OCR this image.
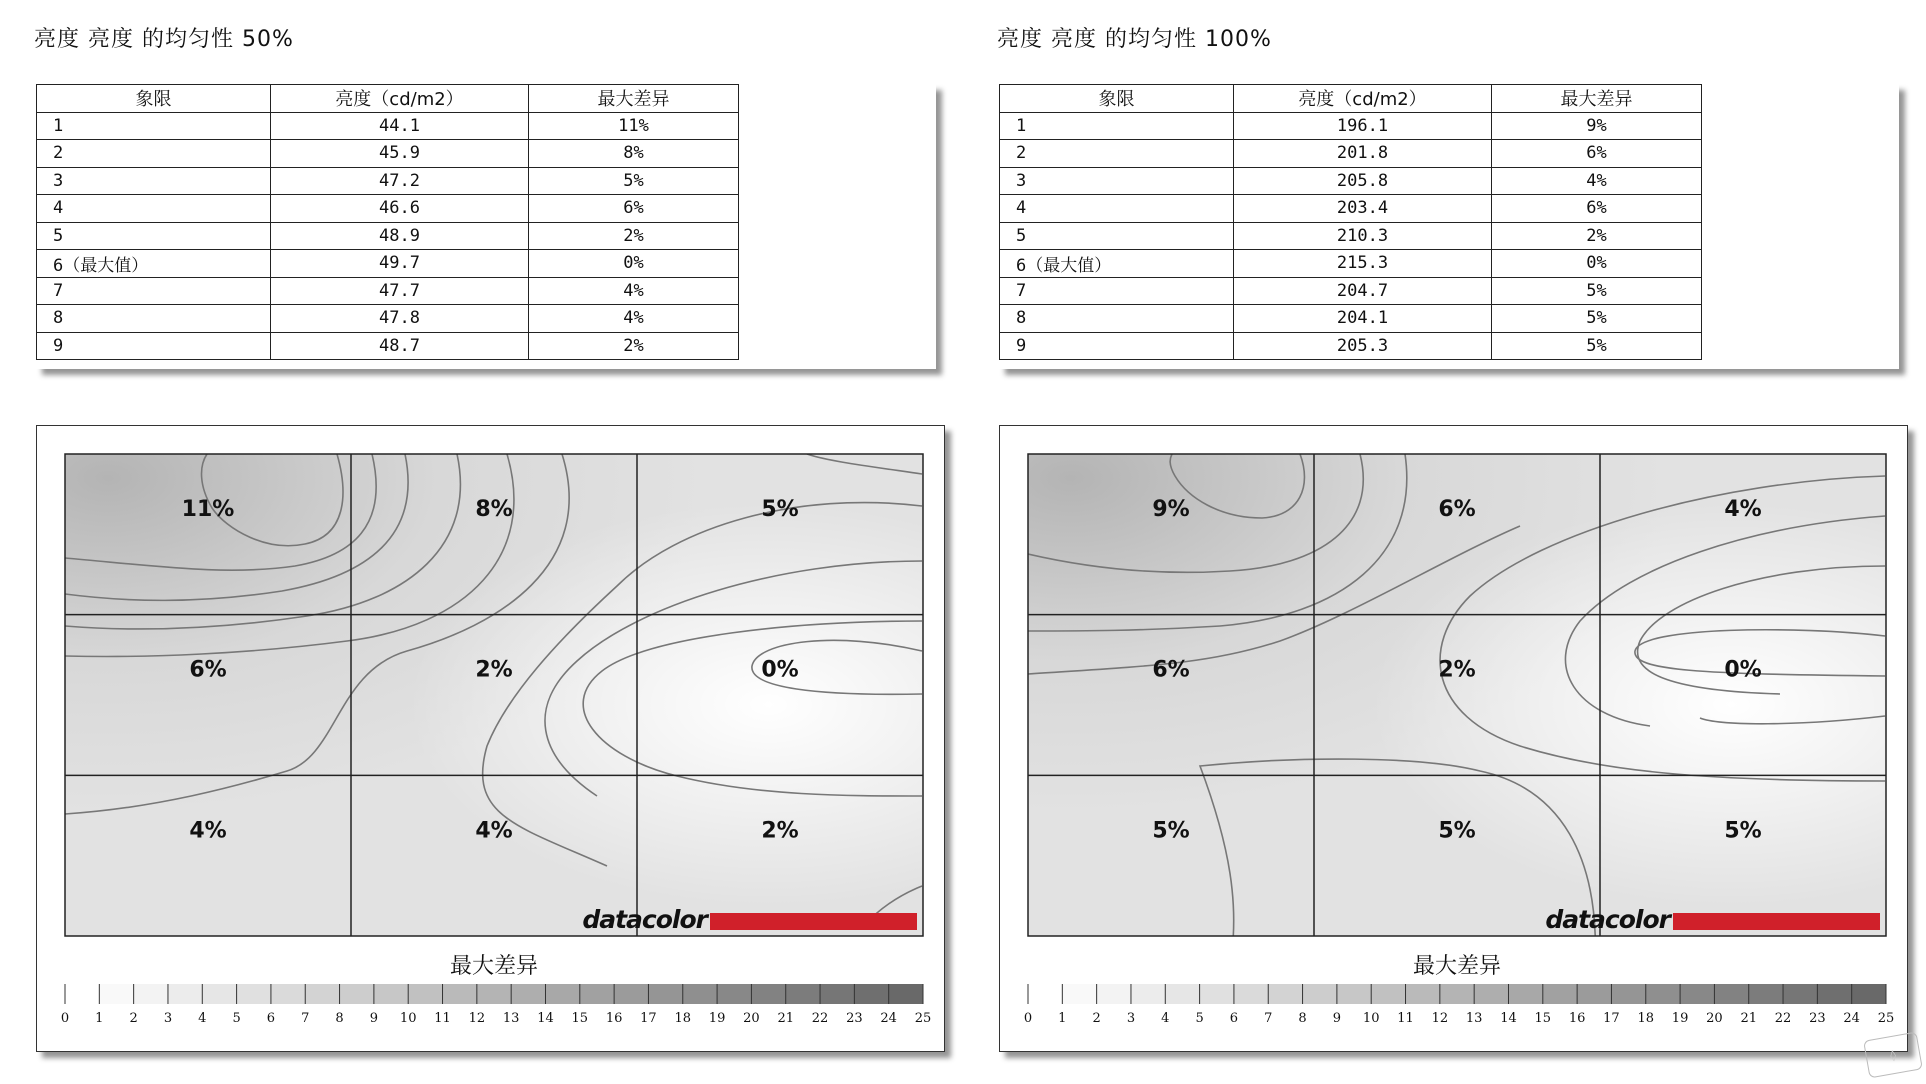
亮度 亮度 的均匀性 50%
象限	亮度（cd/m2）	最大差异
1	44.1	11%
2	45.9	8%
3	47.2	5%
4	46.6	6%
5	48.9	2%
6（最大值）	49.7	0%
7	47.7	4%
8	47.8	4%
9	48.7	2%
11%	8%	5%
6%	2%	0%
4%	4%	2%
datacolor
最大差异
0 1 2 3 4 5 6 7 8 9 10 11 12 13 14 15 16 17 18 19 20 21 22 23 24 25
亮度 亮度 的均匀性 100%
象限	亮度（cd/m2）	最大差异
1	196.1	9%
2	201.8	6%
3	205.8	4%
4	203.4	6%
5	210.3	2%
6（最大值）	215.3	0%
7	204.7	5%
8	204.1	5%
9	205.3	5%
9%	6%	4%
6%	2%	0%
5%	5%	5%
datacolor
最大差异
0 1 2 3 4 5 6 7 8 9 10 11 12 13 14 15 16 17 18 19 20 21 22 23 24 25
◊
